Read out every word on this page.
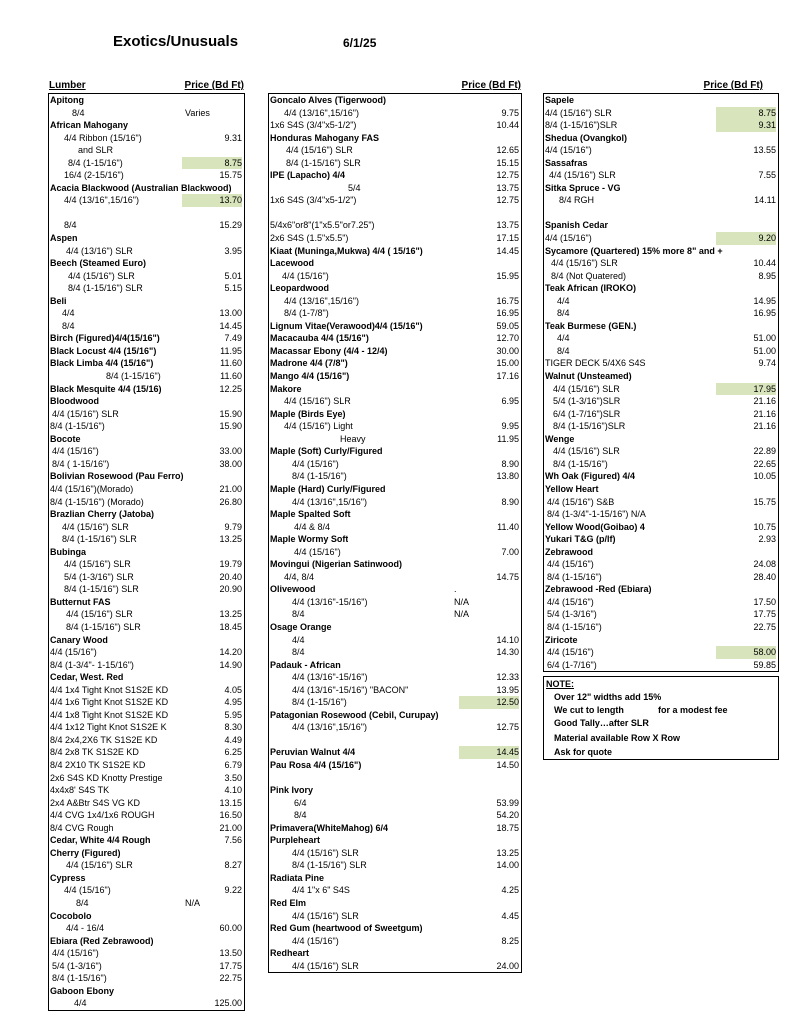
Exotics/Unusuals	6/1/25
Lumber	Price (Bd Ft)
Apitong
8/4	Varies
African Mahogany
4/4 Ribbon (15/16")	9.31
and SLR
8/4 (1-15/16")	8.75
16/4 (2-15/16")	15.75
Acacia Blackwood (Australian Blackwood)
4/4 (13/16",15/16")	13.70
8/4	15.29
Aspen
4/4 (13/16") SLR	3.95
Beech (Steamed Euro)
4/4 (15/16") SLR	5.01
8/4 (1-15/16") SLR	5.15
Beli
4/4	13.00
8/4	14.45
Birch (Figured)4/4(15/16")	7.49
Black Locust 4/4 (15/16")	11.95
Black Limba 4/4 (15/16")	11.60
8/4 (1-15/16")	11.60
Black Mesquite 4/4 (15/16)	12.25
Bloodwood
4/4 (15/16") SLR	15.90
8/4 (1-15/16")	15.90
Bocote
4/4 (15/16")	33.00
8/4 ( 1-15/16")	38.00
Bolivian Rosewood (Pau Ferro)
4/4 (15/16")(Morado)	21.00
8/4 (1-15/16") (Morado)	26.80
Brazlian Cherry (Jatoba)
4/4 (15/16") SLR	9.79
8/4 (1-15/16") SLR	13.25
Bubinga
4/4 (15/16") SLR	19.79
5/4 (1-3/16") SLR	20.40
8/4 (1-15/16") SLR	20.90
Butternut FAS
4/4 (15/16") SLR	13.25
8/4 (1-15/16") SLR	18.45
Canary Wood
4/4 (15/16")	14.20
8/4 (1-3/4"- 1-15/16")	14.90
Cedar, West. Red
4/4 1x4 Tight Knot S1S2E KD	4.05
4/4 1x6 Tight Knot S1S2E KD	4.95
4/4 1x8 Tight Knot S1S2E KD	5.95
4/4 1x12 Tight Knot S1S2E K	8.30
8/4 2x4,2X6 TK S1S2E KD	4.49
8/4 2x8 TK S1S2E KD	6.25
8/4 2X10 TK S1S2E KD	6.79
2x6 S4S KD Knotty Prestige	3.50
4x4x8' S4S TK	4.10
2x4 A&Btr S4S VG KD	13.15
4/4 CVG 1x4/1x6 ROUGH	16.50
8/4 CVG Rough	21.00
Cedar, White 4/4 Rough	7.56
Cherry (Figured)
4/4 (15/16") SLR	8.27
Cypress
4/4 (15/16")	9.22
8/4	N/A
Cocobolo
4/4 - 16/4	60.00
Ebiara (Red Zebrawood)
4/4 (15/16")	13.50
5/4 (1-3/16")	17.75
8/4 (1-15/16")	22.75
Gaboon Ebony
4/4	125.00
Price (Bd Ft)
Goncalo Alves (Tigerwood)
4/4 (13/16",15/16")	9.75
1x6 S4S (3/4"x5-1/2")	10.44
Honduras Mahogany FAS
4/4 (15/16") SLR	12.65
8/4 (1-15/16") SLR	15.15
IPE (Lapacho) 4/4	12.75
5/4	13.75
1x6 S4S (3/4"x5-1/2")	12.75
5/4x6"or8"(1"x5.5"or7.25")	13.75
2x6 S4S (1.5"x5.5")	17.15
Kiaat (Muninga,Mukwa) 4/4 ( 15/16")	14.45
Lacewood
4/4 (15/16")	15.95
Leopardwood
4/4 (13/16",15/16")	16.75
8/4 (1-7/8")	16.95
Lignum Vitae(Verawood)4/4 (15/16")	59.05
Macacauba 4/4 (15/16")	12.70
Macassar Ebony (4/4 - 12/4)	30.00
Madrone 4/4 (7/8")	15.00
Mango 4/4 (15/16")	17.16
Makore
4/4 (15/16") SLR	6.95
Maple (Birds Eye)
4/4 (15/16") Light	9.95
Heavy	11.95
Maple (Soft) Curly/Figured
4/4 (15/16")	8.90
8/4 (1-15/16")	13.80
Maple (Hard) Curly/Figured
4/4 (13/16",15/16")	8.90
Maple Spalted Soft
4/4 & 8/4	11.40
Maple Wormy Soft
4/4 (15/16")	7.00
Movingui (Nigerian Satinwood)
4/4, 8/4	14.75
Olivewood	.
4/4 (13/16"-15/16")	N/A
8/4	N/A
Osage Orange
4/4	14.10
8/4	14.30
Padauk - African
4/4 (13/16"-15/16")	12.33
4/4 (13/16"-15/16") "BACON"	13.95
8/4 (1-15/16")	12.50
Patagonian Rosewood (Cebil, Curupay)
4/4 (13/16",15/16")	12.75
Peruvian Walnut 4/4	14.45
Pau Rosa 4/4 (15/16")	14.50
Pink Ivory
6/4	53.99
8/4	54.20
Primavera(WhiteMahog) 6/4	18.75
Purpleheart
4/4 (15/16") SLR	13.25
8/4 (1-15/16") SLR	14.00
Radiata Pine
4/4 1"x 6" S4S	4.25
Red Elm
4/4 (15/16") SLR	4.45
Red Gum (heartwood of Sweetgum)
4/4 (15/16")	8.25
Redheart
4/4 (15/16") SLR	24.00
Price (Bd Ft)
Sapele
4/4 (15/16") SLR	8.75
8/4 (1-15/16")SLR	9.31
Shedua (Ovangkol)
4/4 (15/16")	13.55
Sassafras
4/4 (15/16") SLR	7.55
Sitka Spruce - VG
8/4 RGH	14.11
Spanish Cedar
4/4 (15/16")	9.20
Sycamore (Quartered) 15% more 8" and +
4/4 (15/16") SLR	10.44
8/4 (Not Quatered)	8.95
Teak African (IROKO)
4/4	14.95
8/4	16.95
Teak Burmese (GEN.)
4/4	51.00
8/4	51.00
TIGER DECK 5/4X6 S4S	9.74
Walnut (Unsteamed)
4/4 (15/16") SLR	17.95
5/4 (1-3/16")SLR	21.16
6/4 (1-7/16")SLR	21.16
8/4 (1-15/16")SLR	21.16
Wenge
4/4 (15/16") SLR	22.89
8/4 (1-15/16")	22.65
Wh Oak (Figured) 4/4	10.05
Yellow Heart
4/4 (15/16") S&B	15.75
8/4 (1-3/4"-1-15/16") N/A
Yellow Wood(Goibao) 4	10.75
Yukari T&G (p/lf)	2.93
Zebrawood
4/4 (15/16")	24.08
8/4 (1-15/16")	28.40
Zebrawood -Red (Ebiara)
4/4 (15/16")	17.50
5/4 (1-3/16")	17.75
8/4 (1-15/16")	22.75
Ziricote
4/4 (15/16")	58.00
6/4 (1-7/16")	59.85
NOTE:
Over 12" widths add 15%
We cut to length	for a modest fee
Good Tally…after SLR
Material available Row X Row
Ask for quote
